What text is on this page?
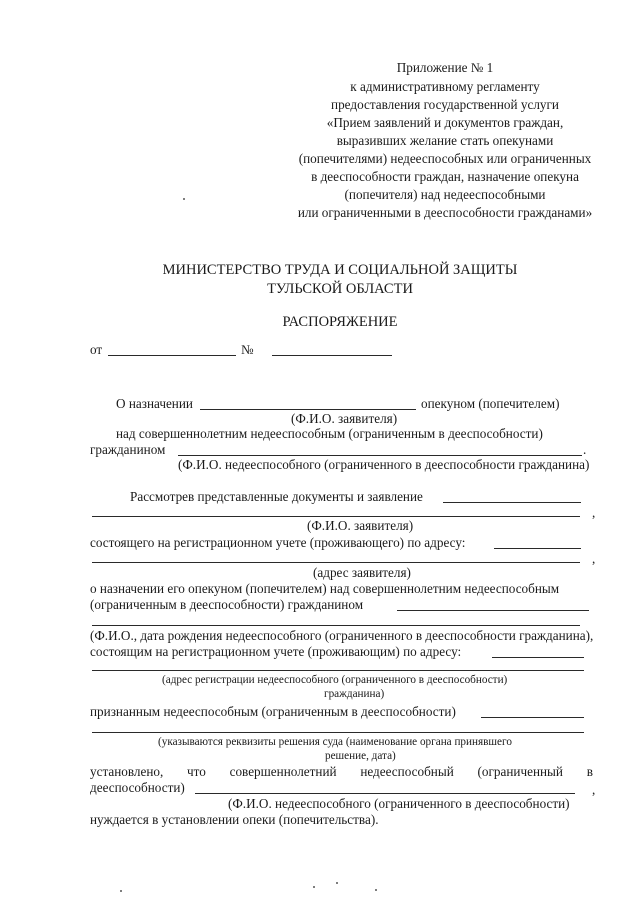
Приложение № 1
к административному регламенту
предоставления государственной услуги
«Прием заявлений и документов граждан,
выразивших желание стать опекунами
(попечителями) недееспособных или ограниченных
в дееспособности граждан, назначение опекуна
(попечителя) над недееспособными
или ограниченными в дееспособности гражданами»
МИНИСТЕРСТВО ТРУДА И СОЦИАЛЬНОЙ ЗАЩИТЫ
ТУЛЬСКОЙ ОБЛАСТИ
РАСПОРЯЖЕНИЕ
от	№
О назначении	опекуном (попечителем)
(Ф.И.О. заявителя)
над совершеннолетним недееспособным (ограниченным в дееспособности)
гражданином	.
(Ф.И.О. недееспособного (ограниченного в дееспособности гражданина)
Рассмотрев представленные документы и заявление
,
(Ф.И.О. заявителя)
состоящего на регистрационном учете (проживающего) по адресу:
,
(адрес заявителя)
о назначении его опекуном (попечителем) над совершеннолетним недееспособным
(ограниченным в дееспособности) гражданином
(Ф.И.О., дата рождения недееспособного (ограниченного в дееспособности гражданина),
состоящим на регистрационном учете (проживающим) по адресу:
(адрес регистрации недееспособного (ограниченного в дееспособности)
гражданина)
признанным недееспособным (ограниченным в дееспособности)
(указываются реквизиты решения суда (наименование органа принявшего
решение, дата)
установлено, что совершеннолетний недееспособный (ограниченный в
дееспособности)	,
(Ф.И.О. недееспособного (ограниченного в дееспособности)
нуждается в установлении опеки (попечительства).
